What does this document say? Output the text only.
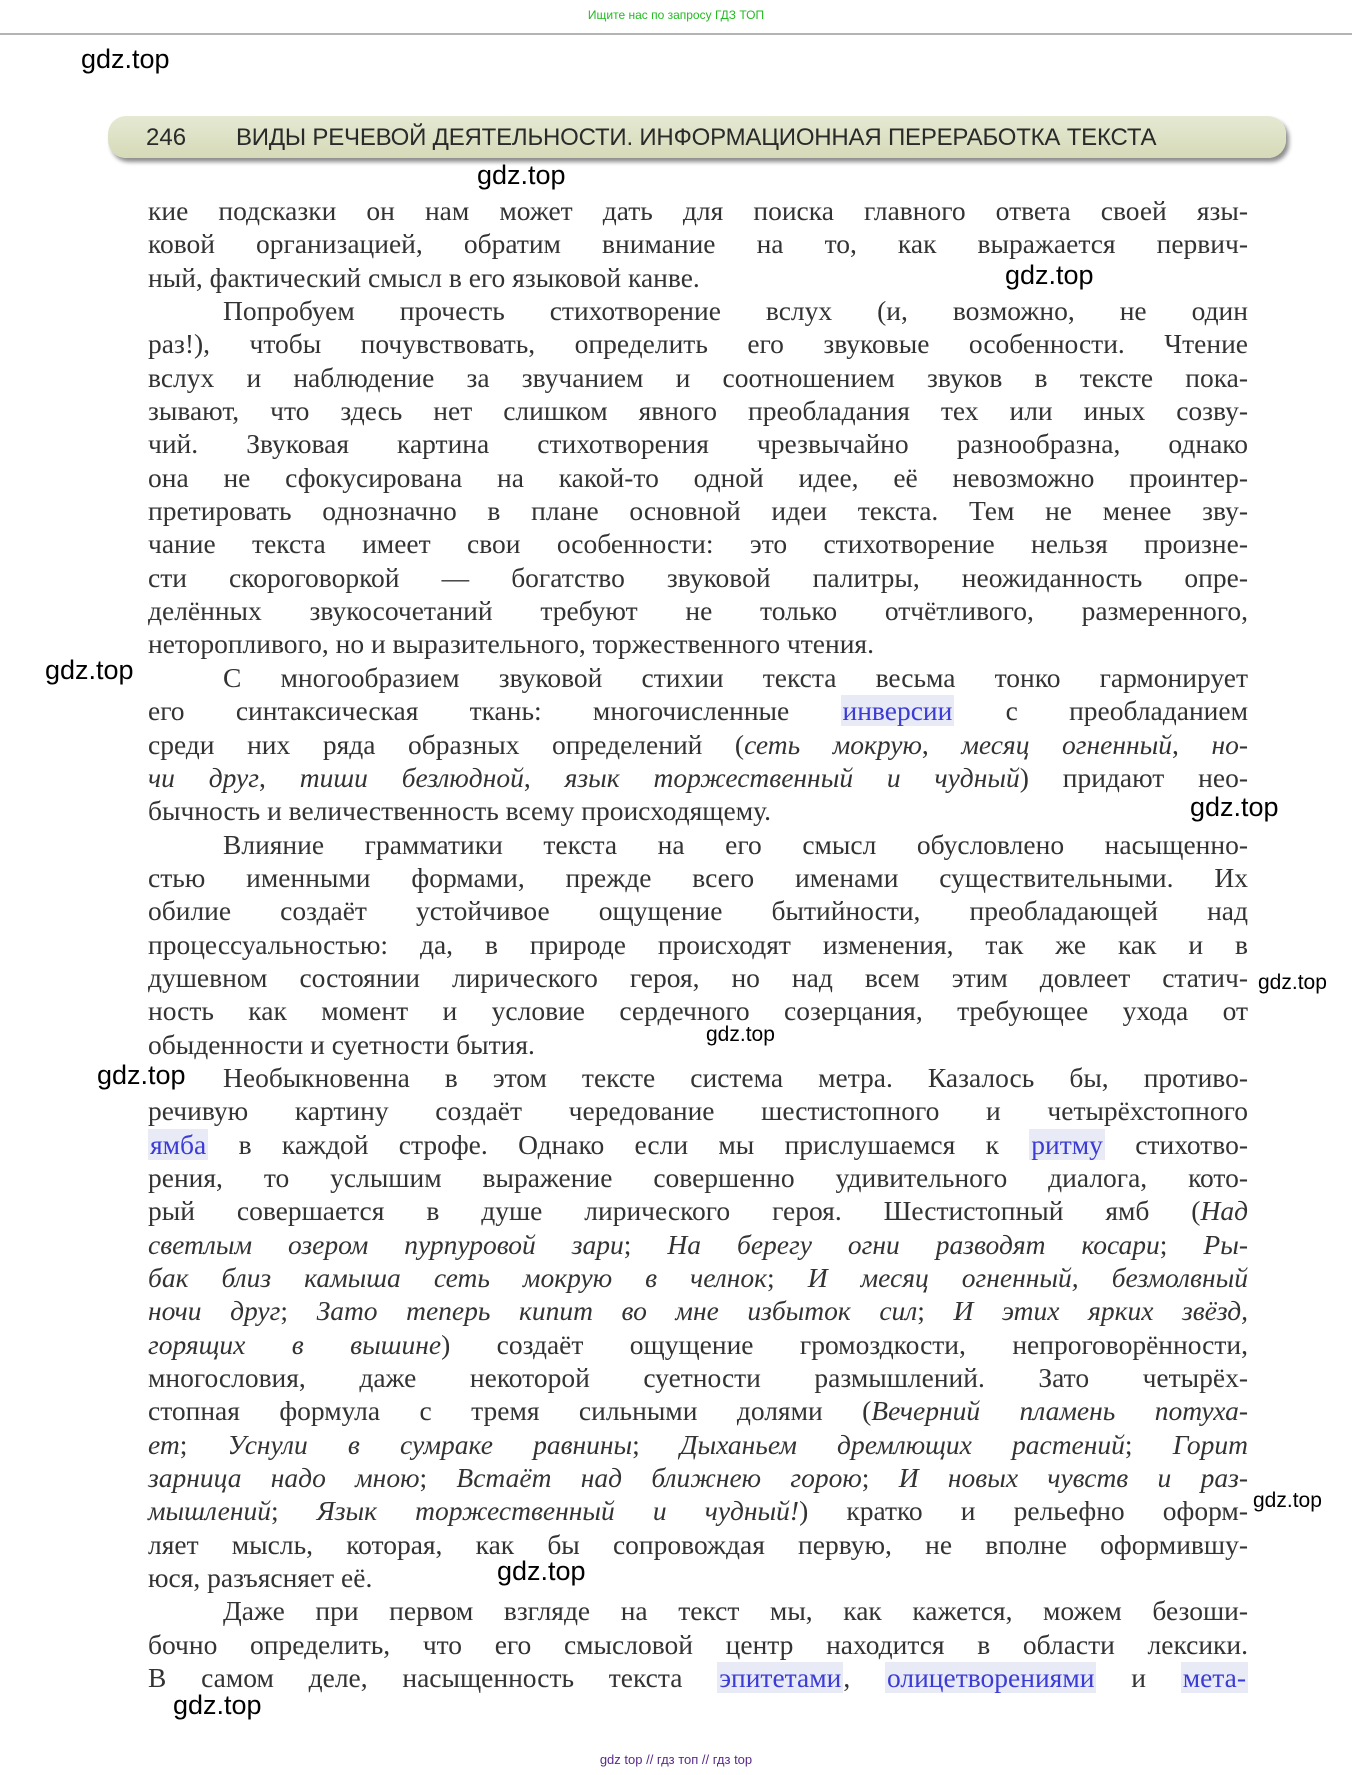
Ищите нас по запросу ГДЗ ТОП
gdz.top
246 ВИДЫ РЕЧЕВОЙ ДЕЯТЕЛЬНОСТИ. ИНФОРМАЦИОННАЯ ПЕРЕРАБОТКА ТЕКСТА
gdz.top
gdz.top
gdz.top
gdz.top
gdz.top
gdz.top
gdz.top
gdz.top
gdz.top
gdz.top
кие подсказки он нам может дать для поиска главного ответа своей язы-
ковой организацией, обратим внимание на то, как выражается первич-
ный, фактический смысл в его языковой канве.
Попробуем прочесть стихотворение вслух (и, возможно, не один
раз!), чтобы почувствовать, определить его звуковые особенности. Чтение
вслух и наблюдение за звучанием и соотношением звуков в тексте пока-
зывают, что здесь нет слишком явного преобладания тех или иных созву-
чий. Звуковая картина стихотворения чрезвычайно разнообразна, однако
она не сфокусирована на какой-то одной идее, её невозможно проинтер-
претировать однозначно в плане основной идеи текста. Тем не менее зву-
чание текста имеет свои особенности: это стихотворение нельзя произне-
сти скороговоркой — богатство звуковой палитры, неожиданность опре-
делённых звукосочетаний требуют не только отчётливого, размеренного,
неторопливого, но и выразительного, торжественного чтения.
С многообразием звуковой стихии текста весьма тонко гармонирует
его синтаксическая ткань: многочисленные инверсии с преобладанием
среди них ряда образных определений (сеть мокрую, месяц огненный, но-
чи друг, тиши безлюдной, язык торжественный и чудный) придают нео-
бычность и величественность всему происходящему.
Влияние грамматики текста на его смысл обусловлено насыщенно-
стью именными формами, прежде всего именами существительными. Их
обилие создаёт устойчивое ощущение бытийности, преобладающей над
процессуальностью: да, в природе происходят изменения, так же как и в
душевном состоянии лирического героя, но над всем этим довлеет статич-
ность как момент и условие сердечного созерцания, требующее ухода от
обыденности и суетности бытия.
Необыкновенна в этом тексте система метра. Казалось бы, противо-
речивую картину создаёт чередование шестистопного и четырёхстопного
ямба в каждой строфе. Однако если мы прислушаемся к ритму стихотво-
рения, то услышим выражение совершенно удивительного диалога, кото-
рый совершается в душе лирического героя. Шестистопный ямб (Над
светлым озером пурпуровой зари; На берегу огни разводят косари; Ры-
бак близ камыша сеть мокрую в челнок; И месяц огненный, безмолвный
ночи друг; Зато теперь кипит во мне избыток сил; И этих ярких звёзд,
горящих в вышине) создаёт ощущение громоздкости, непроговорённости,
многословия, даже некоторой суетности размышлений. Зато четырёх-
стопная формула с тремя сильными долями (Вечерний пламень потуха-
ет; Уснули в сумраке равнины; Дыханьем дремлющих растений; Горит
зарница надо мною; Встаёт над ближнею горою; И новых чувств и раз-
мышлений; Язык торжественный и чудный!) кратко и рельефно оформ-
ляет мысль, которая, как бы сопровождая первую, не вполне оформившу-
юся, разъясняет её.
Даже при первом взгляде на текст мы, как кажется, можем безоши-
бочно определить, что его смысловой центр находится в области лексики.
В самом деле, насыщенность текста эпитетами, олицетворениями и мета-
gdz top // гдз топ // гдз top
